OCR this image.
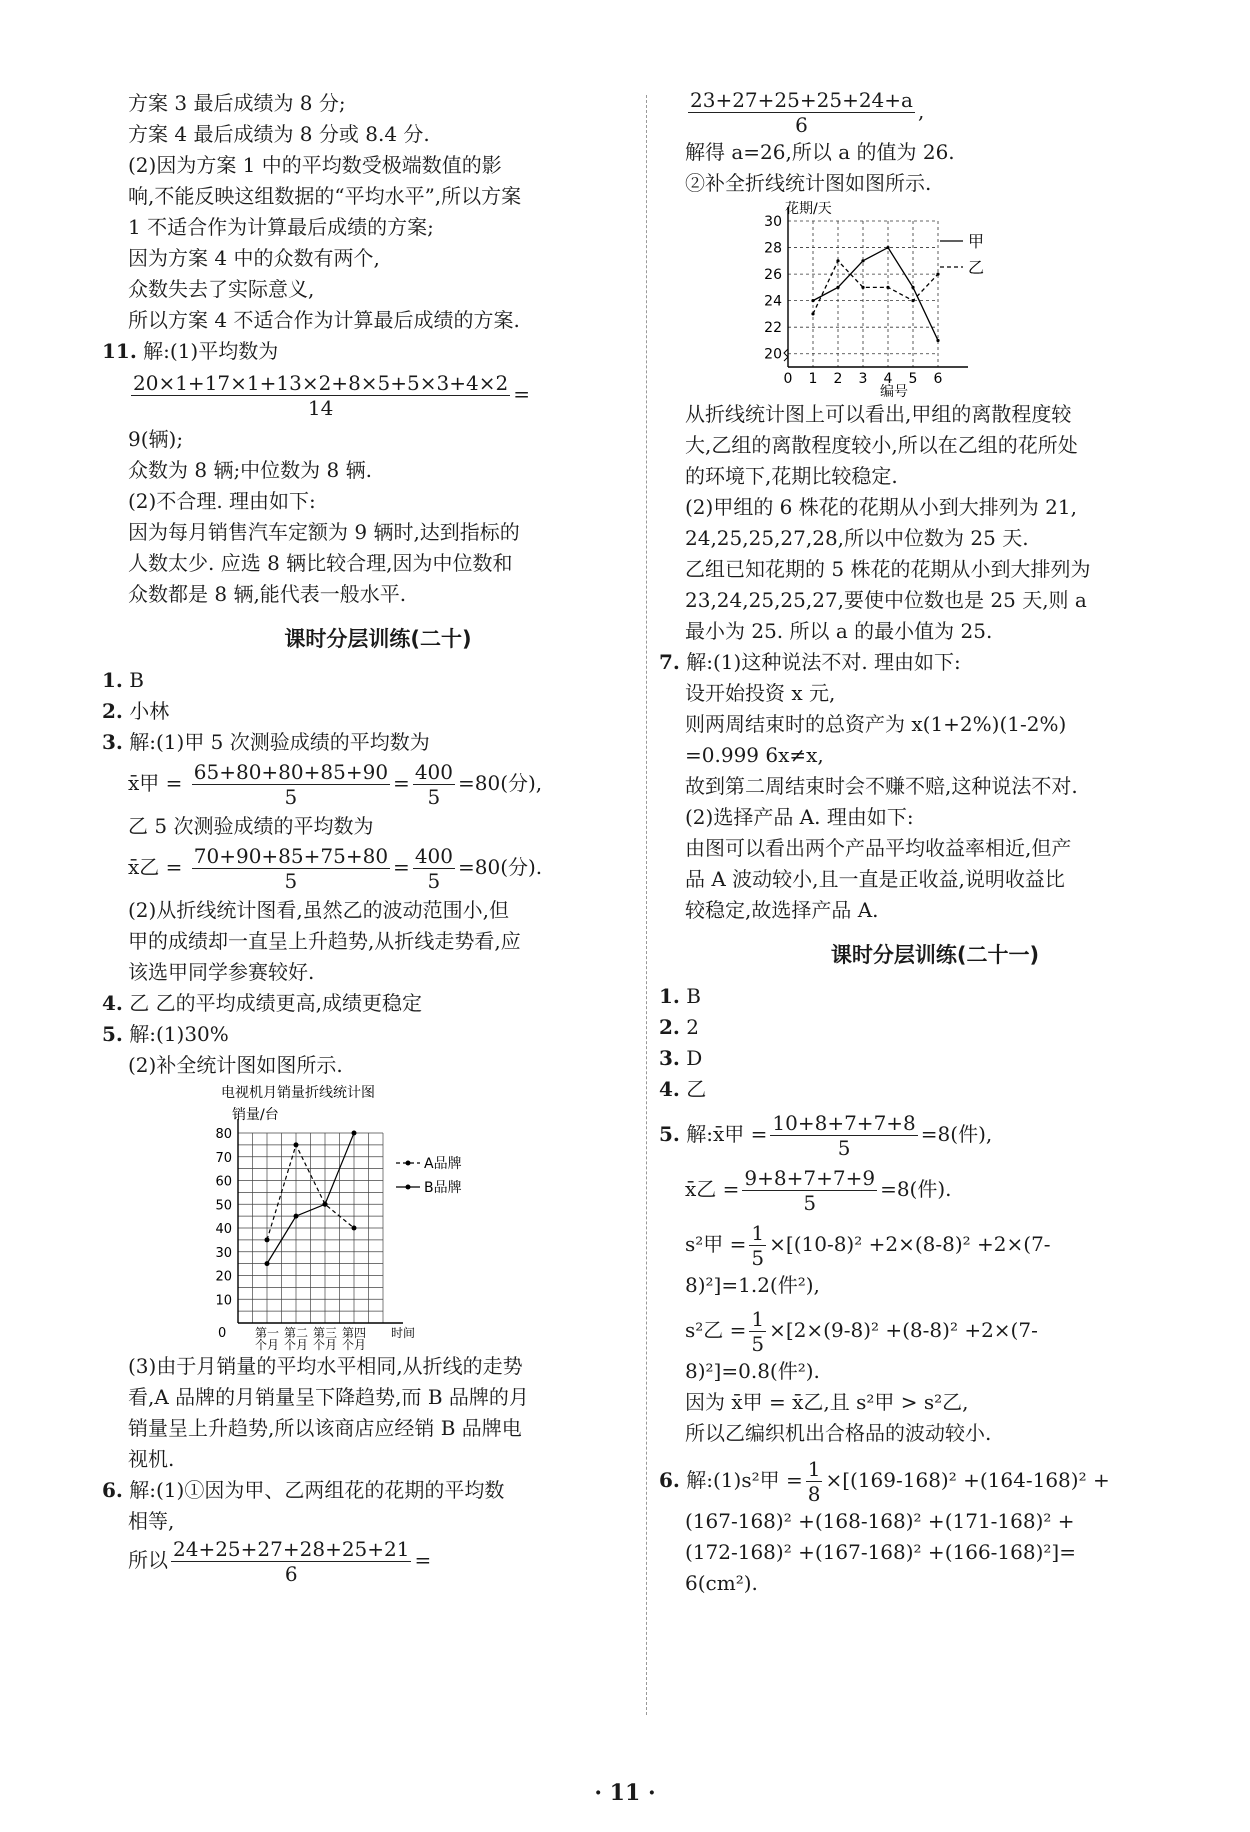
方案 3 最后成绩为 8 分;
方案 4 最后成绩为 8 分或 8.4 分.
(2)因为方案 1 中的平均数受极端数值的影
响,不能反映这组数据的“平均水平”,所以方案
1 不适合作为计算最后成绩的方案;
因为方案 4 中的众数有两个,
众数失去了实际意义,
所以方案 4 不适合作为计算最后成绩的方案.
11. 解:(1)平均数为
$\frac{20\times 1+17\times 1+13\times 2+8\times 5+5\times 3+4\times 2}{14}$ =
9(辆);
众数为 8 辆;中位数为 8 辆.
(2)不合理. 理由如下:
因为每月销售汽车定额为 9 辆时,达到指标的
人数太少. 应选 8 辆比较合理,因为中位数和
众数都是 8 辆,能代表一般水平.
课时分层训练(二十)
1. B
2. 小林
3. 解:(1)甲 5 次测验成绩的平均数为
x̄甲 = $\frac{65+80+80+85+90}{5} = \frac{400}{5} =80$(分),
乙 5 次测验成绩的平均数为
x̄乙 = $\frac{70+90+85+75+80}{5} = \frac{400}{5} =80$(分).
(2)从折线统计图看,虽然乙的波动范围小,但
甲的成绩却一直呈上升趋势,从折线走势看,应
该选甲同学参赛较好.
4. 乙 乙的平均成绩更高,成绩更稳定
5. 解:(1)30%
(2)补全统计图如图所示.
电视机月销量折线统计图
销量/台
10
20
30
40
50
60
70
80
0 第一
个月
第二
个月
第三
个月
第四
个月
时间
A品牌
B品牌
(3)由于月销量的平均水平相同,从折线的走势
看,A 品牌的月销量呈下降趋势,而 B 品牌的月
销量呈上升趋势,所以该商店应经销 B 品牌电
视机.
6. 解:(1)①因为甲、乙两组花的花期的平均数
相等,
所以 $\frac{24+25+27+28+25+21}{6}$ =
$\frac{23+27+25+25+24+a}{6}$ ,
解得 a=26,所以 a 的值为 26.
②补全折线统计图如图所示.
花期/天
20
22
24
26
28
30
0 1 2 3 4 5 6
甲
乙
编号
从折线统计图上可以看出,甲组的离散程度较
大,乙组的离散程度较小,所以在乙组的花所处
的环境下,花期比较稳定.
(2)甲组的 6 株花的花期从小到大排列为 21,
24,25,25,27,28,所以中位数为 25 天.
乙组已知花期的 5 株花的花期从小到大排列为
23,24,25,25,27,要使中位数也是 25 天,则 a
最小为 25. 所以 a 的最小值为 25.
7. 解:(1)这种说法不对. 理由如下:
设开始投资 x 元,
则两周结束时的总资产为 x(1+2%)(1-2%)
=0.999 6x≠x,
故到第二周结束时会不赚不赔,这种说法不对.
(2)选择产品 A. 理由如下:
由图可以看出两个产品平均收益率相近,但产
品 A 波动较小,且一直是正收益,说明收益比
较稳定,故选择产品 A.
课时分层训练(二十一)
1. B
2. 2
3. D
4. 乙
5. 解:x̄甲 = $\frac{10+8+7+7+8}{5} =8$(件),
x̄乙 = $\frac{9+8+7+7+9}{5} =8$(件).
s²甲 = $\frac{1}{5} \times[(10-8)^2 +2\times(8-8)^2 +2\times(7-$
8)²]=1.2(件²),
s²乙 = $\frac{1}{5} \times[2\times(9-8)^2 +(8-8)^2 +2\times(7-$
8)²]=0.8(件²).
因为 x̄甲 = x̄乙,且 s²甲 > s²乙,
所以乙编织机出合格品的波动较小.
6. 解:(1)s²甲 = $\frac{1}{8} \times[(169-168)^2 +(164-168)^2$ +
(167-168)² +(168-168)² +(171-168)² +
(172-168)² +(167-168)² +(166-168)²]=
6(cm²).
· 11 ·
